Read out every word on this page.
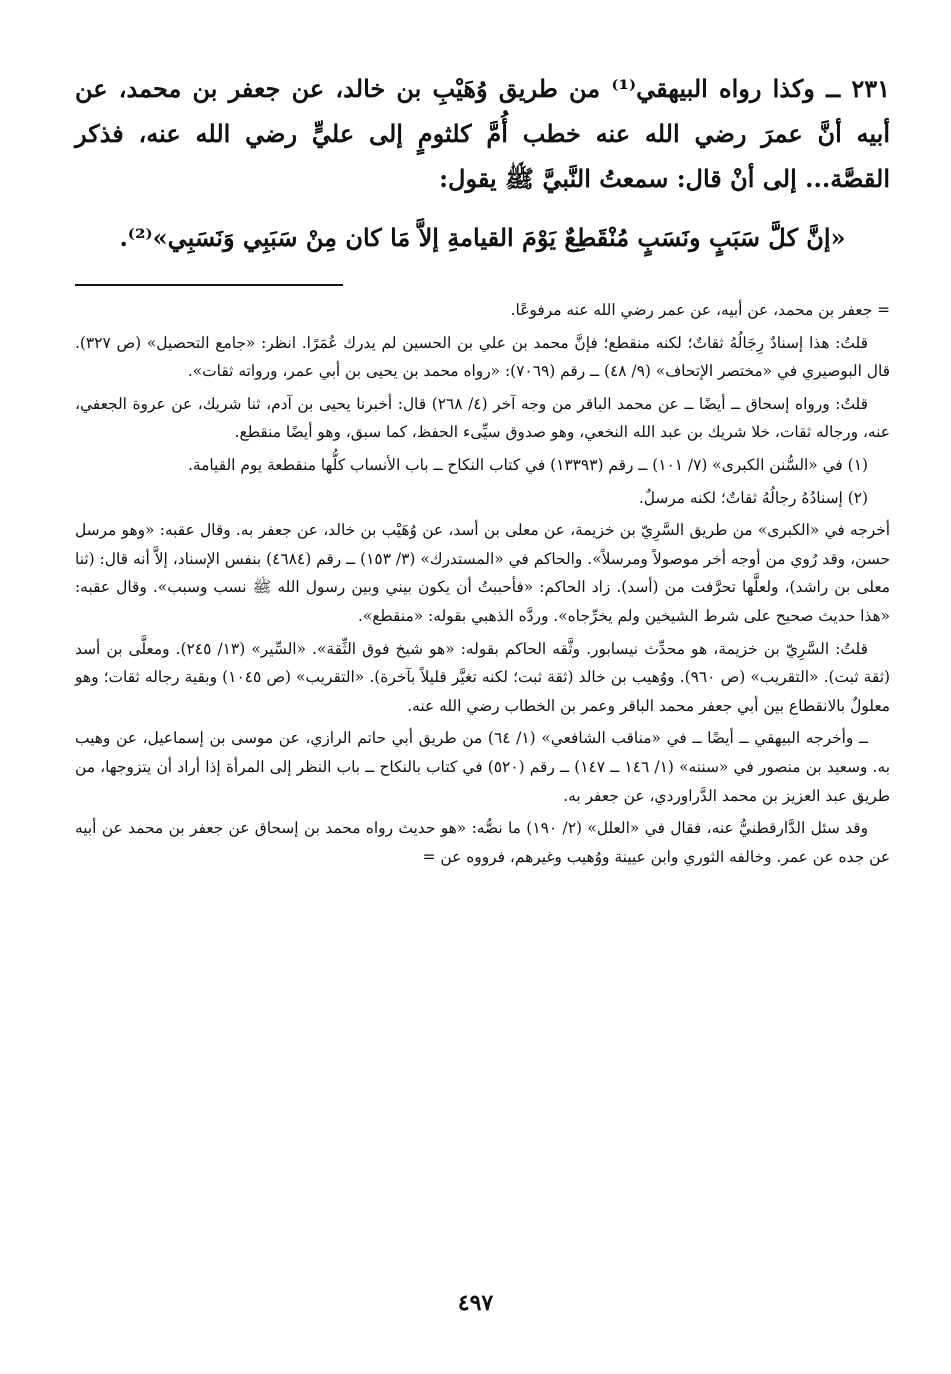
٢٣١ ــ وكذا رواه البيهقي⁽¹⁾ من طريق وُهَيْبِ بن خالد، عن جعفر بن محمد، عن أبيه أنَّ عمرَ رضي الله عنه خطب أُمَّ كلثومٍ إلى عليٍّ رضي الله عنه، فذكر القصَّة... إلى أنْ قال: سمعتُ النَّبيَّ ﷺ يقول:

«إنَّ كلَّ سَبَبٍ ونَسَبٍ مُنْقَطِعٌ يَوْمَ القيامةِ إلاَّ مَا كان مِنْ سَبَبِي وَنَسَبِي»⁽²⁾.

= جعفر بن محمد، عن أبيه، عن عمر رضي الله عنه مرفوعًا.

قلتُ: هذا إسنادٌ رِجَالُهُ ثقاتٌ؛ لكنه منقطع؛ فإنَّ محمد بن علي بن الحسين لم يدرك عُمَرًا. انظر: «جامع التحصيل» (ص ٣٢٧). قال البوصيري في «مختصر الإتحاف» (٩/ ٤٨) ــ رقم (٧٠٦٩): «رواه محمد بن يحيى بن أبي عمر، ورواته ثقات».

قلتُ: ورواه إسحاق ــ أيضًا ــ عن محمد الباقر من وجه آخر (٤/ ٢٦٨) قال: أخبرنا يحيى بن آدم، ثنا شريك، عن عروة الجعفي، عنه، ورجاله ثقات، خلا شريك بن عبد الله النخعي، وهو صدوق سيِّىء الحفظ، كما سبق، وهو أيضًا منقطع.

(١) في «السُّنن الكبرى» (٧/ ١٠١) ــ رقم (١٣٣٩٣) في كتاب النكاح ــ باب الأنساب كلُّها منقطعة يوم القيامة.

(٢) إسنادُهُ رجالُهُ ثقاتٌ؛ لكنه مرسلٌ.

أخرجه في «الكبرى» من طريق السَّرِيّ بن خزيمة، عن معلى بن أسد، عن وُهَيْب بن خالد، عن جعفر به. وقال عقبه: «وهو مرسل حسن، وقد رُوي من أوجه أخر موصولاً ومرسلاً». والحاكم في «المستدرك» (٣/ ١٥٣) ــ رقم (٤٦٨٤) بنفس الإسناد، إلاَّ أنه قال: (ثنا معلى بن راشد)، ولعلَّها تحرَّفت من (أسد). زاد الحاكم: «فأحببتُ أن يكون بيني وبين رسول الله ﷺ نسب وسبب». وقال عقبه: «هذا حديث صحيح على شرط الشيخين ولم يخرِّجاه». وردَّه الذهبي بقوله: «منقطع».

قلتُ: السَّرِيّ بن خزيمة، هو محدِّث نيسابور. وثَّقه الحاكم بقوله: «هو شيخ فوق الثِّقة». «السِّير» (١٣/ ٢٤٥). ومعلَّى بن أسد (ثقة ثبت). «التقريب» (ص ٩٦٠). ووُهيب بن خالد (ثقة ثبت؛ لكنه تغيَّر قليلاً بآخرة). «التقريب» (ص ١٠٤٥) وبقية رجاله ثقات؛ وهو معلولٌ بالانقطاع بين أبي جعفر محمد الباقر وعمر بن الخطاب رضي الله عنه.

ــ وأخرجه البيهقي ــ أيضًا ــ في «مناقب الشافعي» (١/ ٦٤) من طريق أبي حاتم الرازي، عن موسى بن إسماعيل، عن وهيب به. وسعيد بن منصور في «سننه» (١/ ١٤٦ ــ ١٤٧) ــ رقم (٥٢٠) في كتاب بالنكاح ــ باب النظر إلى المرأة إذا أراد أن يتزوجها، من طريق عبد العزيز بن محمد الدَّراوردي، عن جعفر به.

وقد سئل الدَّارقطنيُّ عنه، فقال في «العلل» (٢/ ١٩٠) ما نصُّه: «هو حديث رواه محمد بن إسحاق عن جعفر بن محمد عن أبيه عن جده عن عمر. وخالفه الثوري وابن عيينة ووُهيب وغيرهم، فرووه عن =

٤٩٧
